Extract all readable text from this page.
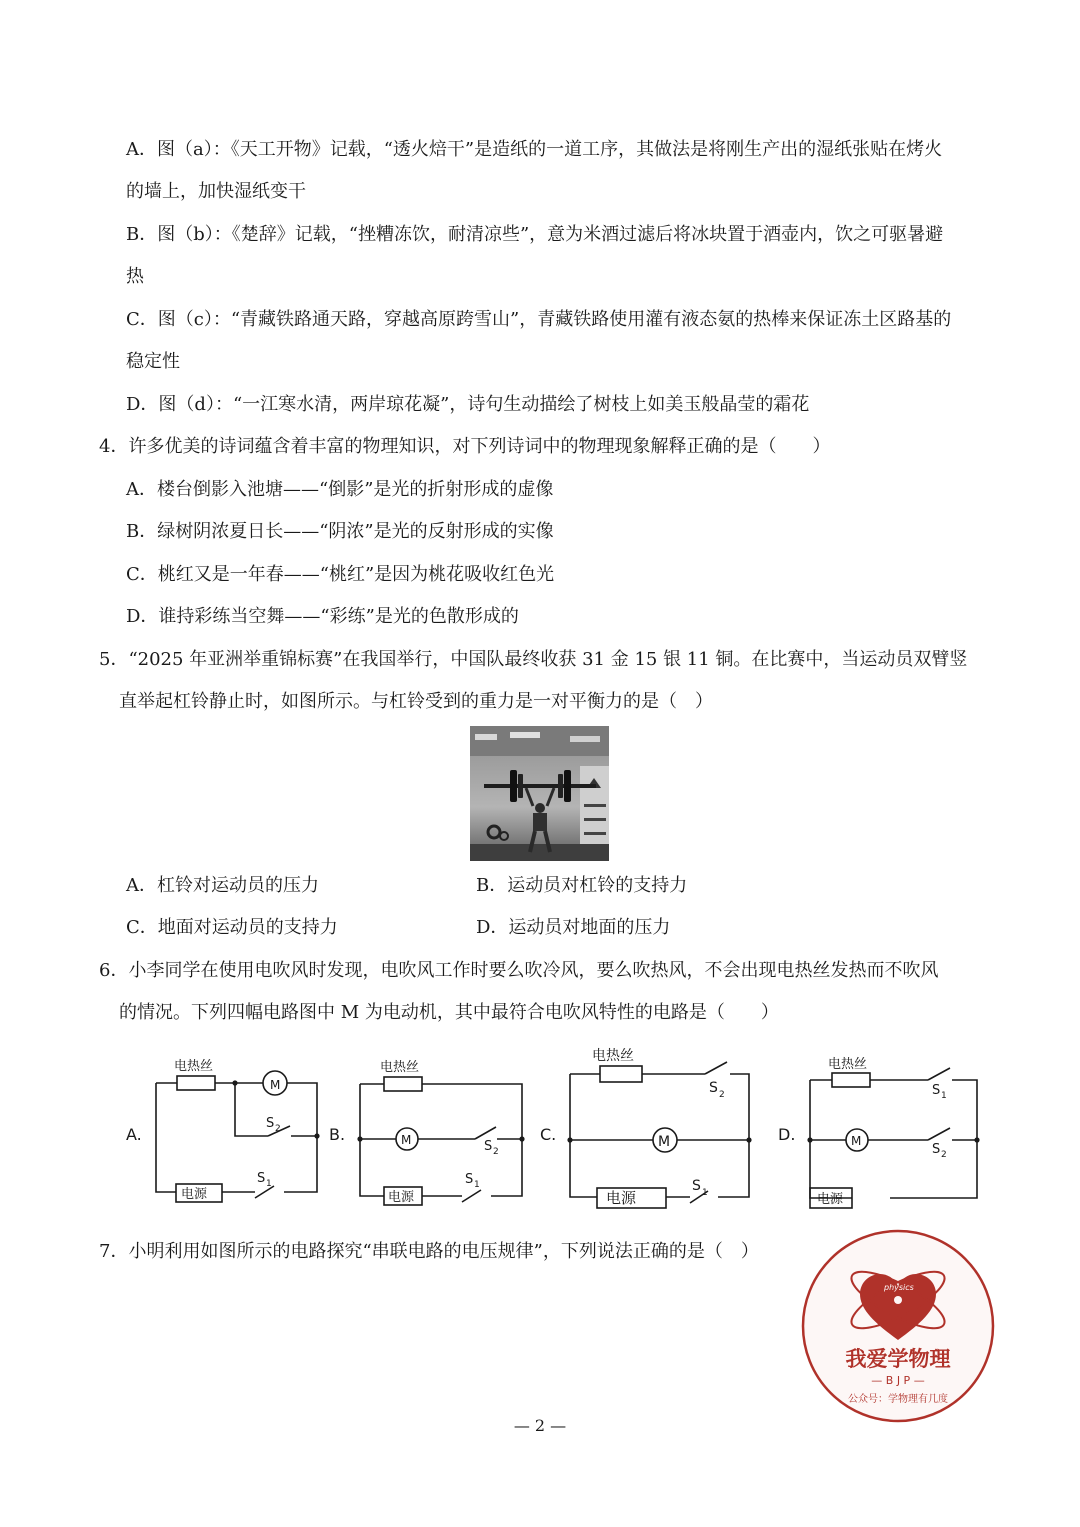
A．图（a）：《天工开物》记载，“透火焙干”是造纸的一道工序，其做法是将刚生产出的湿纸张贴在烤火
的墙上，加快湿纸变干
B．图（b）：《楚辞》记载，“挫糟冻饮，耐清凉些”，意为米酒过滤后将冰块置于酒壶内，饮之可驱暑避
热
C．图（c）：“青藏铁路通天路，穿越高原跨雪山”，青藏铁路使用灌有液态氨的热棒来保证冻土区路基的
稳定性
D．图（d）：“一江寒水清，两岸琼花凝”，诗句生动描绘了树枝上如美玉般晶莹的霜花
4．许多优美的诗词蕴含着丰富的物理知识，对下列诗词中的物理现象解释正确的是（　　）
A．楼台倒影入池塘——“倒影”是光的折射形成的虚像
B．绿树阴浓夏日长——“阴浓”是光的反射形成的实像
C．桃红又是一年春——“桃红”是因为桃花吸收红色光
D．谁持彩练当空舞——“彩练”是光的色散形成的
5．“2025 年亚洲举重锦标赛”在我国举行，中国队最终收获 31 金 15 银 11 铜。在比赛中，当运动员双臂竖
直举起杠铃静止时，如图所示。与杠铃受到的重力是一对平衡力的是（　）
A．杠铃对运动员的压力	B．运动员对杠铃的支持力
C．地面对运动员的支持力	D．运动员对地面的压力
6．小李同学在使用电吹风时发现，电吹风工作时要么吹冷风，要么吹热风，不会出现电热丝发热而不吹风
的情况。下列四幅电路图中 M 为电动机，其中最符合电吹风特性的电路是（　　）
A.	B.	C.	D.
电热丝	电热丝
电热丝
电热丝
电源	电源	电源	电源
M
M	M	M
S 2
S 1
S 2
S 1
S 2
S 1
S 1
S 2
7．小明利用如图所示的电路探究“串联电路的电压规律”，下列说法正确的是（　）
physics
我爱学物理
— B J P —
公众号：学物理有几度
— 2 —
